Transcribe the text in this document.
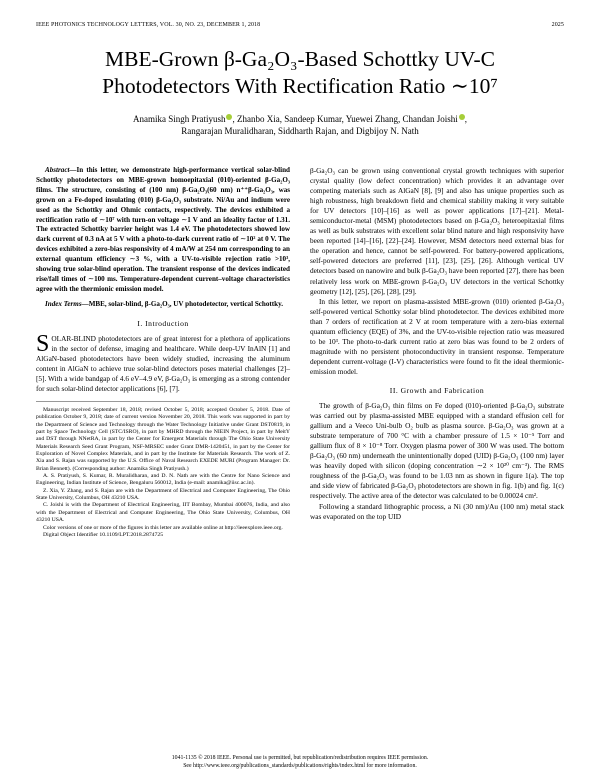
IEEE PHOTONICS TECHNOLOGY LETTERS, VOL. 30, NO. 23, DECEMBER 1, 2018	2025
MBE-Grown β-Ga₂O₃-Based Schottky UV-C
Photodetectors With Rectification Ratio ∼10⁷
Anamika Singh Pratiyush , Zhanbo Xia, Sandeep Kumar, Yuewei Zhang, Chandan Joishi ,
Rangarajan Muralidharan, Siddharth Rajan, and Digbijoy N. Nath

Abstract—In this letter, we demonstrate high-performance vertical solar-blind Schottky photodetectors on MBE-grown homoepitaxial (010)-oriented β-Ga₂O₃ films. The structure, consisting of (100 nm) β-Ga₂O₃(60 nm) n⁺⁺β-Ga₂O₃, was grown on a Fe-doped insulating (010) β-Ga₂O₃ substrate. Ni/Au and indium were used as the Schottky and Ohmic contacts, respectively. The devices exhibited a rectification ratio of ∼10⁷ with turn-on voltage ∼1 V and an ideality factor of 1.31. The extracted Schottky barrier height was 1.4 eV. The photodetectors showed low dark current of 0.3 nA at 5 V with a photo-to-dark current ratio of ∼10² at 0 V. The devices exhibited a zero-bias responsivity of 4 mA/W at 254 nm corresponding to an external quantum efficiency ∼3 %, with a UV-to-visible rejection ratio >10³, showing true solar-blind operation. The transient response of the devices indicated rise/fall times of ∼100 ms. Temperature-dependent current–voltage characteristics agree with the thermionic emission model.

Index Terms—MBE, solar-blind, β-Ga₂O₃, UV photodetector, vertical Schottky.

I. Introduction

SOLAR-BLIND photodetectors are of great interest for a plethora of applications in the sector of defense, imaging and healthcare. While deep-UV InAlN [1] and AlGaN-based photodetectors have been widely studied, increasing the aluminum content in AlGaN to achieve true solar-blind detectors poses material challenges [2]–[5]. With a wide bandgap of 4.6 eV–4.9 eV, β-Ga₂O₃ is emerging as a strong contender for such solar-blind detector applications [6], [7].

Manuscript received September 18, 2018; revised October 5, 2018; accepted October 5, 2018. Date of publication October 9, 2018; date of current version November 20, 2018. This work was supported in part by the Department of Science and Technology through the Water Technology Initiative under Grant DST0819, in part by Space Technology Cell (STC/ISRO), in part by MHRD through the NIEIN Project, in part by MeitY and DST through NNetRA, in part by the Center for Emergent Materials through The Ohio State University Materials Research Seed Grant Program, NSF-MRSEC under Grant DMR-1420451, in part by the Center for Exploration of Novel Complex Materials, and in part by the Institute for Materials Research. The work of Z. Xia and S. Rajan was supported by the U.S. Office of Naval Research EXEDE MURI (Program Manager: Dr. Brian Bennett). (Corresponding author: Anamika Singh Pratiyush.)

A. S. Pratiyush, S. Kumar, R. Muralidharan, and D. N. Nath are with the Centre for Nano Science and Engineering, Indian Institute of Science, Bengaluru 560012, India (e-mail: anamika@iisc.ac.in).

Z. Xia, Y. Zhang, and S. Rajan are with the Department of Electrical and Computer Engineering, The Ohio State University, Columbus, OH 43210 USA.

C. Joishi is with the Department of Electrical Engineering, IIT Bombay, Mumbai 400076, India, and also with the Department of Electrical and Computer Engineering, The Ohio State University, Columbus, OH 43210 USA.

Color versions of one or more of the figures in this letter are available online at http://ieeexplore.ieee.org.

Digital Object Identifier 10.1109/LPT.2018.2874725

β-Ga₂O₃ can be grown using conventional crystal growth techniques with superior crystal quality (low defect concentration) which provides it an advantage over competing materials such as AlGaN [8], [9] and also has unique properties such as high robustness, high breakdown field and chemical stability making it very suitable for UV detectors [10]–[16] as well as power applications [17]–[21]. Metal-semiconductor-metal (MSM) photodetectors based on β-Ga₂O₃ heteroepitaxial films as well as bulk substrates with excellent solar blind nature and high responsivity have been reported [14]–[16], [22]–[24]. However, MSM detectors need external bias for the operation and hence, cannot be self-powered. For battery-powered applications, self-powered detectors are preferred [11], [23], [25], [26]. Although vertical UV detectors based on nanowire and bulk β-Ga₂O₃ have been reported [27], there has been relatively less work on MBE-grown β-Ga₂O₃ UV detectors in the vertical Schottky geometry [12], [25], [26], [28], [29].

In this letter, we report on plasma-assisted MBE-grown (010) oriented β-Ga₂O₃ self-powered vertical Schottky solar blind photodetector. The devices exhibited more than 7 orders of rectification at 2 V at room temperature with a zero-bias external quantum efficiency (EQE) of 3%, and the UV-to-visible rejection ratio was measured to be 10³. The photo-to-dark current ratio at zero bias was found to be 2 orders of magnitude with no persistent photoconductivity in transient response. Temperature dependent current-voltage (I-V) characteristics were found to fit the ideal thermionic-emission model.

II. Growth and Fabrication

The growth of β-Ga₂O₃ thin films on Fe doped (010)-oriented β-Ga₂O₃ substrate was carried out by plasma-assisted MBE equipped with a standard effusion cell for gallium and a Veeco Uni-bulb O₂ bulb as plasma source. β-Ga₂O₃ was grown at a substrate temperature of 700 °C with a chamber pressure of 1.5 × 10⁻⁵ Torr and gallium flux of 8 × 10⁻⁸ Torr. Oxygen plasma power of 300 W was used. The bottom β-Ga₂O₃ (60 nm) underneath the unintentionally doped (UID) β-Ga₂O₃ (100 nm) layer was heavily doped with silicon (doping concentration ∼2 × 10²⁰ cm⁻³). The RMS roughness of the β-Ga₂O₃ was found to be 1.03 nm as shown in figure 1(a). The top and side view of fabricated β-Ga₂O₃ photodetectors are shown in fig. 1(b) and fig. 1(c) respectively. The active area of the detector was calculated to be 0.00024 cm².

Following a standard lithographic process, a Ni (30 nm)/Au (100 nm) metal stack was evaporated on the top UID

1041-1135 © 2018 IEEE. Personal use is permitted, but republication/redistribution requires IEEE permission.
See http://www.ieee.org/publications_standards/publications/rights/index.html for more information.
